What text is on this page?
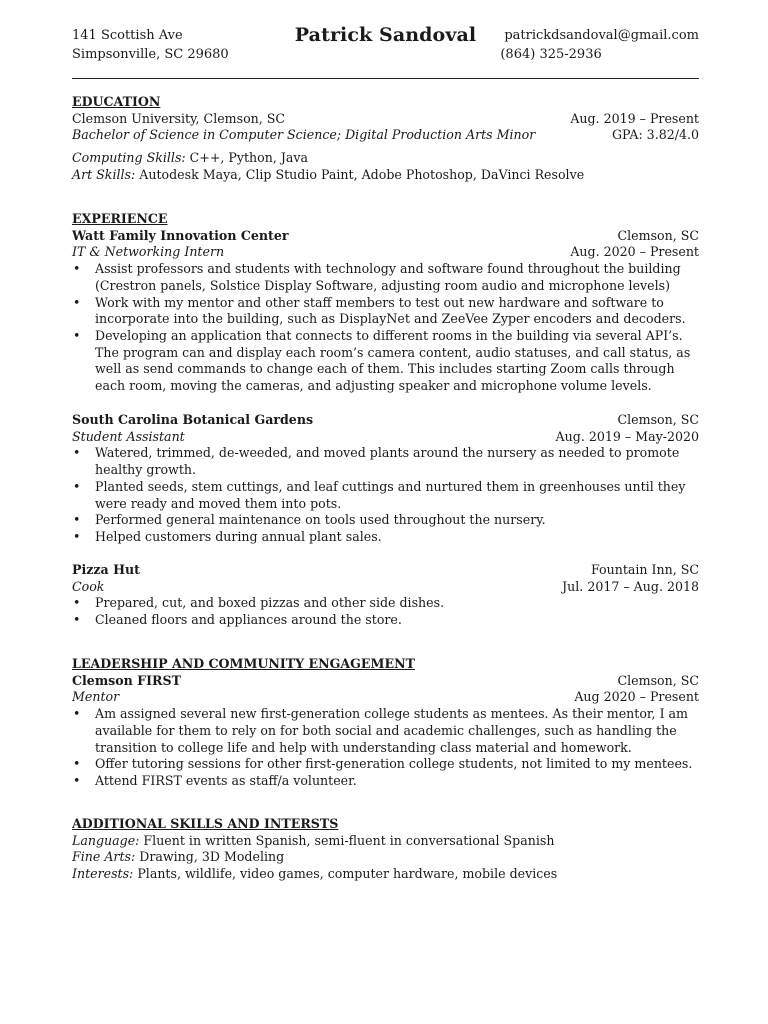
141 Scottish Ave
Simpsonville, SC 29680
Patrick Sandoval	patrickdsandoval@gmail.com
(864) 325-2936
EDUCATION
Clemson University, Clemson, SC	Aug. 2019 – Present
Bachelor of Science in Computer Science; Digital Production Arts Minor	GPA: 3.82/4.0
Computing Skills: C++, Python, Java
Art Skills: Autodesk Maya, Clip Studio Paint, Adobe Photoshop, DaVinci Resolve
EXPERIENCE
Watt Family Innovation Center	Clemson, SC
IT & Networking Intern	Aug. 2020 – Present
• Assist professors and students with technology and software found throughout the building (Crestron panels, Solstice Display Software, adjusting room audio and microphone levels)
• Work with my mentor and other staff members to test out new hardware and software to incorporate into the building, such as DisplayNet and ZeeVee Zyper encoders and decoders.
• Developing an application that connects to different rooms in the building via several API’s. The program can and display each room’s camera content, audio statuses, and call status, as well as send commands to change each of them. This includes starting Zoom calls through each room, moving the cameras, and adjusting speaker and microphone volume levels.
South Carolina Botanical Gardens	Clemson, SC
Student Assistant	Aug. 2019 – May-2020
• Watered, trimmed, de-weeded, and moved plants around the nursery as needed to promote healthy growth.
• Planted seeds, stem cuttings, and leaf cuttings and nurtured them in greenhouses until they were ready and moved them into pots.
• Performed general maintenance on tools used throughout the nursery.
• Helped customers during annual plant sales.
Pizza Hut	Fountain Inn, SC
Cook	Jul. 2017 – Aug. 2018
• Prepared, cut, and boxed pizzas and other side dishes.
• Cleaned floors and appliances around the store.
LEADERSHIP AND COMMUNITY ENGAGEMENT
Clemson FIRST	Clemson, SC
Mentor	Aug 2020 – Present
• Am assigned several new first-generation college students as mentees. As their mentor, I am available for them to rely on for both social and academic challenges, such as handling the transition to college life and help with understanding class material and homework.
• Offer tutoring sessions for other first-generation college students, not limited to my mentees.
• Attend FIRST events as staff/a volunteer.
ADDITIONAL SKILLS AND INTERSTS
Language: Fluent in written Spanish, semi-fluent in conversational Spanish
Fine Arts: Drawing, 3D Modeling
Interests: Plants, wildlife, video games, computer hardware, mobile devices
